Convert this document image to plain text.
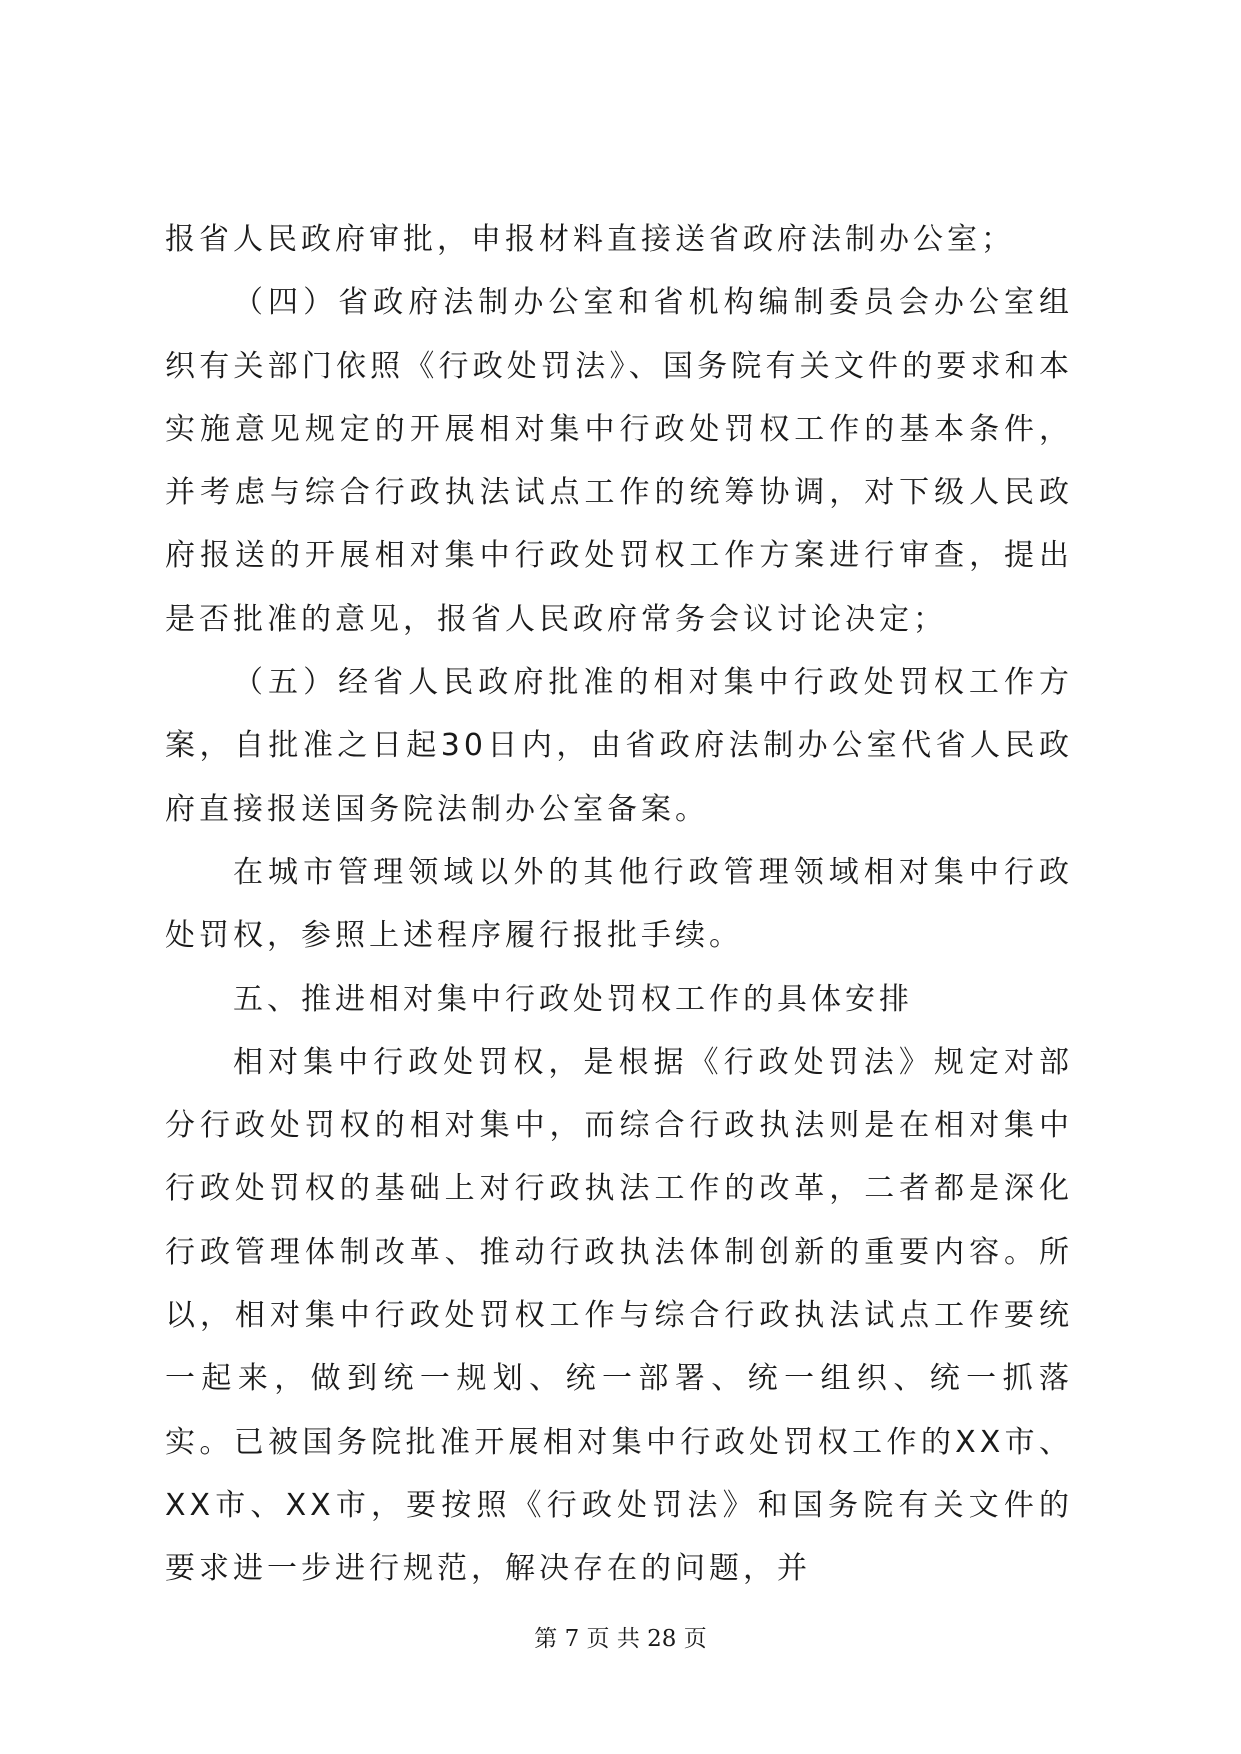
报省人民政府审批，申报材料直接送省政府法制办公室；

（四）省政府法制办公室和省机构编制委员会办公室组织有关部门依照《行政处罚法》、国务院有关文件的要求和本实施意见规定的开展相对集中行政处罚权工作的基本条件，并考虑与综合行政执法试点工作的统筹协调，对下级人民政府报送的开展相对集中行政处罚权工作方案进行审查，提出是否批准的意见，报省人民政府常务会议讨论决定；

（五）经省人民政府批准的相对集中行政处罚权工作方案，自批准之日起30日内，由省政府法制办公室代省人民政府直接报送国务院法制办公室备案。

在城市管理领域以外的其他行政管理领域相对集中行政处罚权，参照上述程序履行报批手续。

五、推进相对集中行政处罚权工作的具体安排

相对集中行政处罚权，是根据《行政处罚法》规定对部分行政处罚权的相对集中，而综合行政执法则是在相对集中行政处罚权的基础上对行政执法工作的改革，二者都是深化行政管理体制改革、推动行政执法体制创新的重要内容。所以，相对集中行政处罚权工作与综合行政执法试点工作要统一起来，做到统一规划、统一部署、统一组织、统一抓落实。已被国务院批准开展相对集中行政处罚权工作的XX市、XX市、XX市，要按照《行政处罚法》和国务院有关文件的要求进一步进行规范，解决存在的问题，并

第 7 页 共 28 页
